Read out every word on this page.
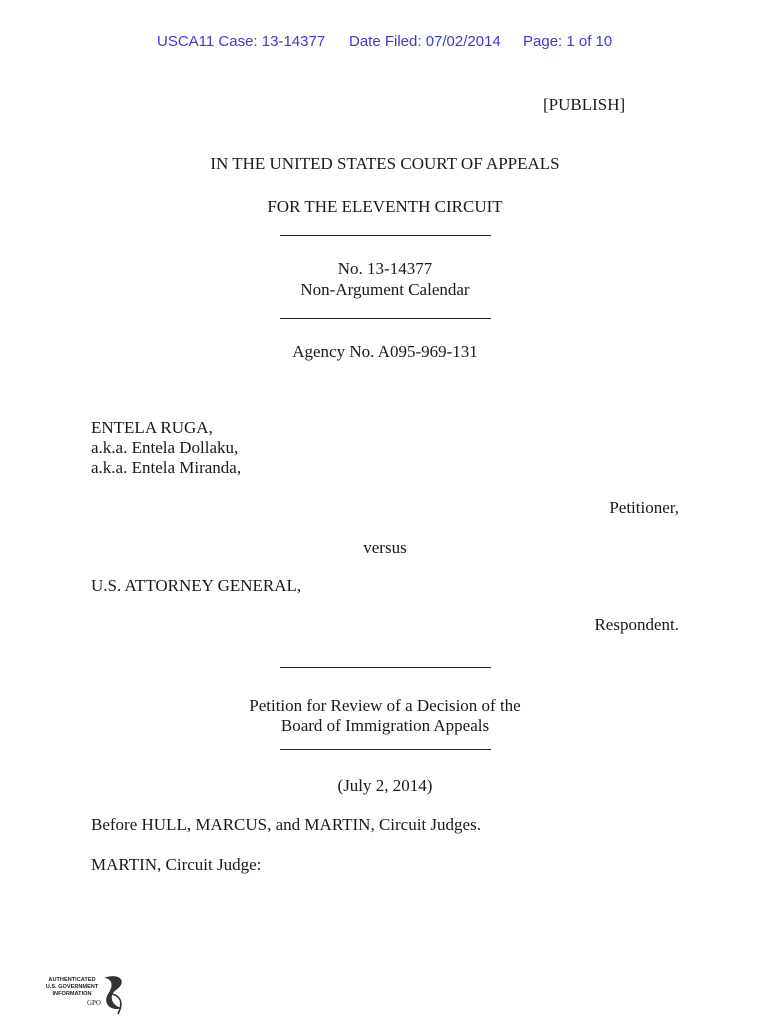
USCA11 Case: 13-14377 Date Filed: 07/02/2014 Page: 1 of 10
[PUBLISH]
IN THE UNITED STATES COURT OF APPEALS
FOR THE ELEVENTH CIRCUIT
No. 13-14377
Non-Argument Calendar
Agency No. A095-969-131
ENTELA RUGA,
a.k.a. Entela Dollaku,
a.k.a. Entela Miranda,
Petitioner,
versus
U.S. ATTORNEY GENERAL,
Respondent.
Petition for Review of a Decision of the
Board of Immigration Appeals
(July 2, 2014)
Before HULL, MARCUS, and MARTIN, Circuit Judges.
MARTIN, Circuit Judge:
AUTHENTICATED
U.S. GOVERNMENT
INFORMATION
GPO
